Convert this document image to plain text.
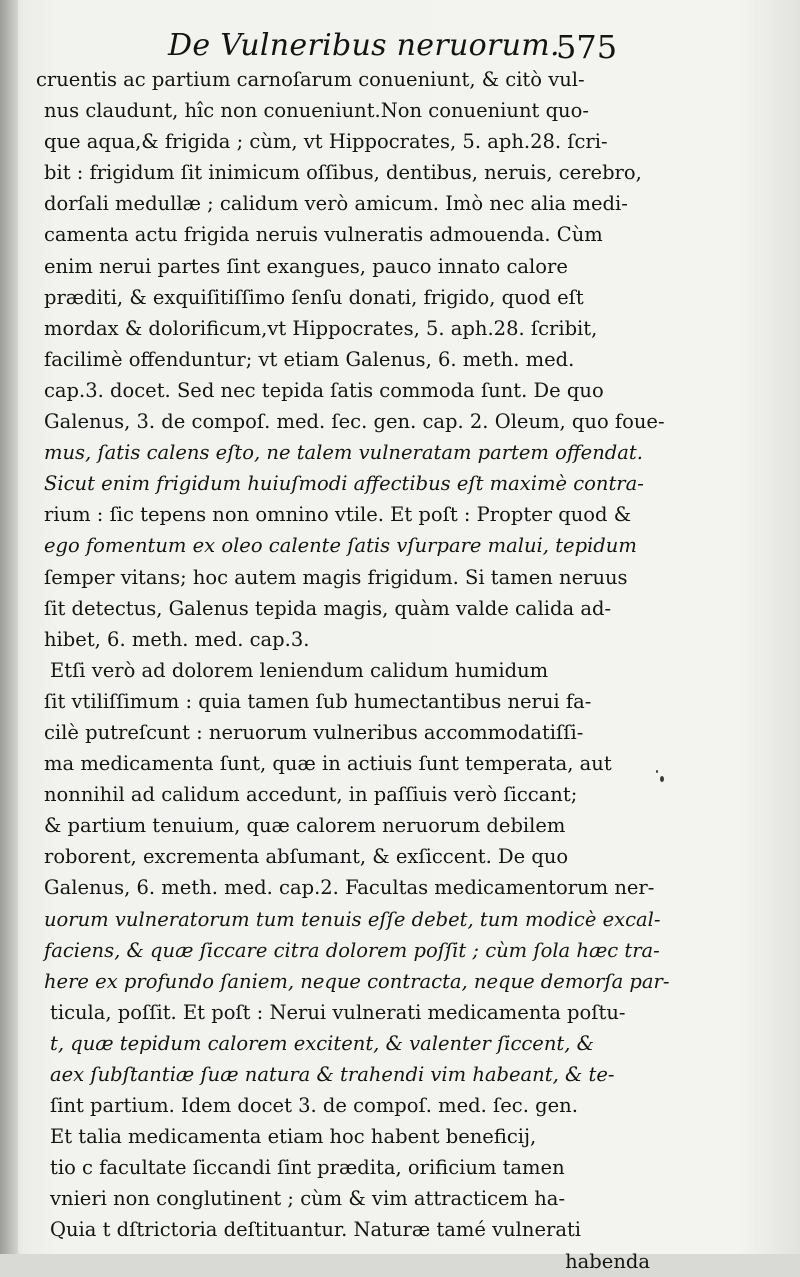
De Vulneribus neruorum.
575
cruentis ac partium carnoſarum conueniunt, & citò vul-
nus claudunt, hîc non conueniunt.Non conueniunt quo-
que aqua,& frigida ; cùm, vt Hippocrates, 5. aph.28. ſcri-
bit : frigidum ſit inimicum oſſibus, dentibus, neruis, cerebro,
dorſali medullæ ; calidum verò amicum. Imò nec alia medi-
camenta actu frigida neruis vulneratis admouenda. Cùm
enim nerui partes ſint exangues, pauco innato calore
præditi, & exquiſitiſſimo ſenſu donati, frigido, quod eſt
mordax & dolorificum,vt Hippocrates, 5. aph.28. ſcribit,
facilimè offenduntur; vt etiam Galenus, 6. meth. med.
cap.3. docet. Sed nec tepida ſatis commoda ſunt. De quo
Galenus, 3. de compoſ. med. ſec. gen. cap. 2. Oleum, quo foue-
mus, ſatis calens eſto, ne talem vulneratam partem offendat.
Sicut enim frigidum huiuſmodi affectibus eſt maximè contra-
rium : ſic tepens non omnino vtile. Et poſt : Propter quod &
ego fomentum ex oleo calente ſatis vſurpare malui, tepidum
ſemper vitans; hoc autem magis frigidum. Si tamen neruus
ſit detectus, Galenus tepida magis, quàm valde calida ad-
hibet, 6. meth. med. cap.3.
Etſi verò ad dolorem leniendum calidum humidum
ſit vtiliſſimum : quia tamen ſub humectantibus nerui fa-
cilè putreſcunt : neruorum vulneribus accommodatiſſi-
ma medicamenta ſunt, quæ in actiuis ſunt temperata, aut
nonnihil ad calidum accedunt, in paſſiuis verò ſiccant;
& partium tenuium, quæ calorem neruorum debilem
roborent, excrementa abſumant, & exſiccent. De quo
Galenus, 6. meth. med. cap.2. Facultas medicamentorum ner-
uorum vulneratorum tum tenuis eſſe debet, tum modicè excal-
faciens, & quæ ſiccare citra dolorem poſſit ; cùm ſola hæc tra-
here ex profundo ſaniem, neque contracta, neque demorſa par-
ticula, poſſit. Et poſt : Nerui vulnerati medicamenta poſtu-
t, quæ tepidum calorem excitent, & valenter ſiccent, &
aex ſubſtantiæ ſuæ natura & trahendi vim habeant, & te-
ſint partium. Idem docet 3. de compoſ. med. ſec. gen.
Et talia medicamenta etiam hoc habent beneficij,
tio c facultate ſiccandi ſint prædita, orificium tamen
vnieri non conglutinent ; cùm & vim attracticem ha-
Quia t dſtrictoria deſtituantur. Naturæ tamé vulnerati
habenda
